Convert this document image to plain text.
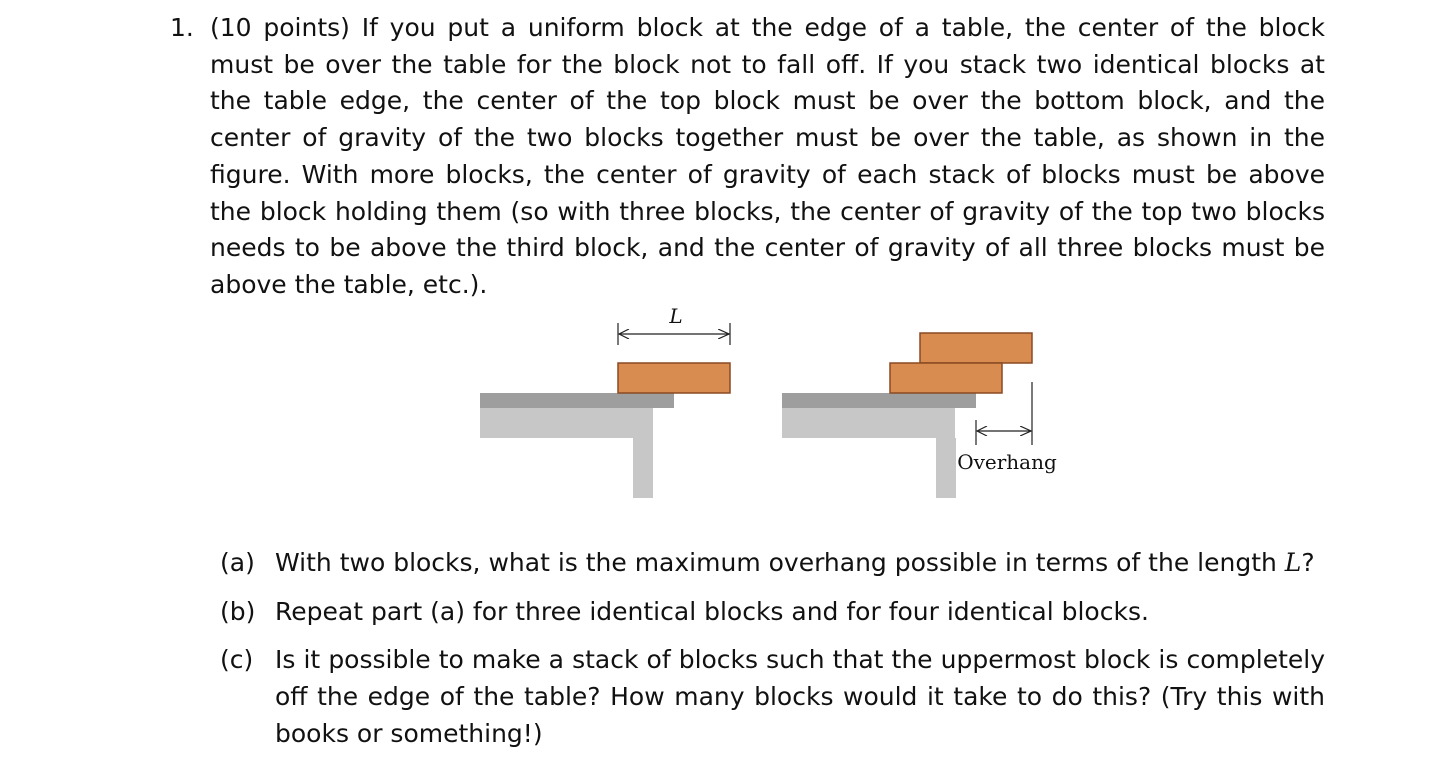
1. (10 points) If you put a uniform block at the edge of a table, the center of the block must be over the table for the block not to fall off. If you stack two identical blocks at the table edge, the center of the top block must be over the bottom block, and the center of gravity of the two blocks together must be over the table, as shown in the figure. With more blocks, the center of gravity of each stack of blocks must be above the block holding them (so with three blocks, the center of gravity of the top two blocks needs to be above the third block, and the center of gravity of all three blocks must be above the table, etc.).
L
Overhang
(a) With two blocks, what is the maximum overhang possible in terms of the length L?
(b) Repeat part (a) for three identical blocks and for four identical blocks.
(c) Is it possible to make a stack of blocks such that the uppermost block is completely off the edge of the table? How many blocks would it take to do this? (Try this with books or something!)
